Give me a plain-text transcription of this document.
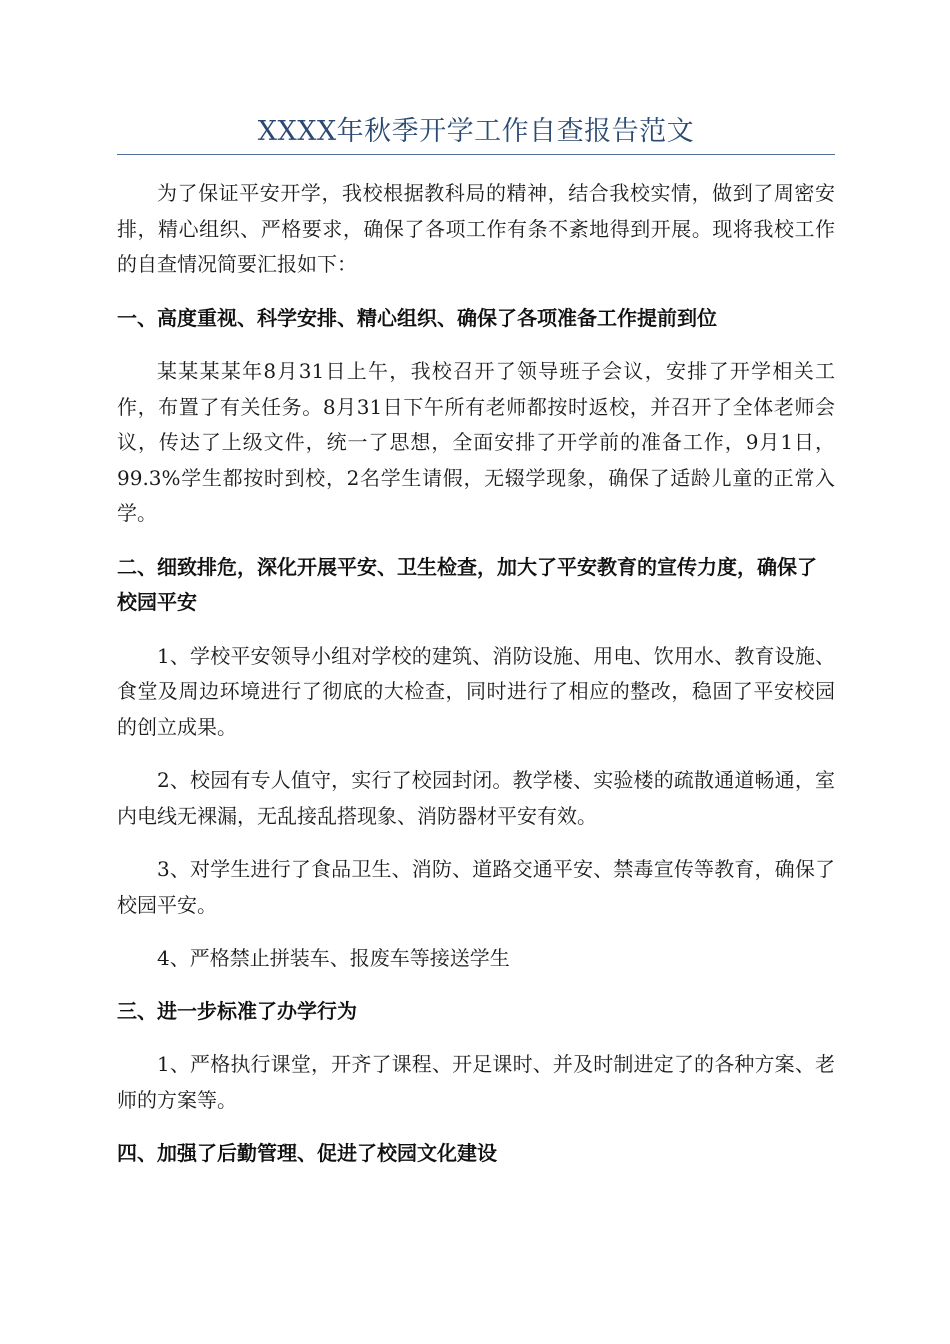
XXXX年秋季开学工作自查报告范文

为了保证平安开学，我校根据教科局的精神，结合我校实情，做到了周密安排，精心组织、严格要求，确保了各项工作有条不紊地得到开展。现将我校工作的自查情况简要汇报如下：

一、高度重视、科学安排、精心组织、确保了各项准备工作提前到位

某某某某年8月31日上午，我校召开了领导班子会议，安排了开学相关工作，布置了有关任务。8月31日下午所有老师都按时返校，并召开了全体老师会议，传达了上级文件，统一了思想，全面安排了开学前的准备工作，9月1日，99.3%学生都按时到校，2名学生请假，无辍学现象，确保了适龄儿童的正常入学。

二、细致排危，深化开展平安、卫生检查，加大了平安教育的宣传力度，确保了校园平安

1、学校平安领导小组对学校的建筑、消防设施、用电、饮用水、教育设施、食堂及周边环境进行了彻底的大检查，同时进行了相应的整改，稳固了平安校园的创立成果。

2、校园有专人值守，实行了校园封闭。教学楼、实验楼的疏散通道畅通，室内电线无裸漏，无乱接乱搭现象、消防器材平安有效。

3、对学生进行了食品卫生、消防、道路交通平安、禁毒宣传等教育，确保了校园平安。

4、严格禁止拼装车、报废车等接送学生

三、进一步标准了办学行为

1、严格执行课堂，开齐了课程、开足课时、并及时制进定了的各种方案、老师的方案等。

四、加强了后勤管理、促进了校园文化建设
